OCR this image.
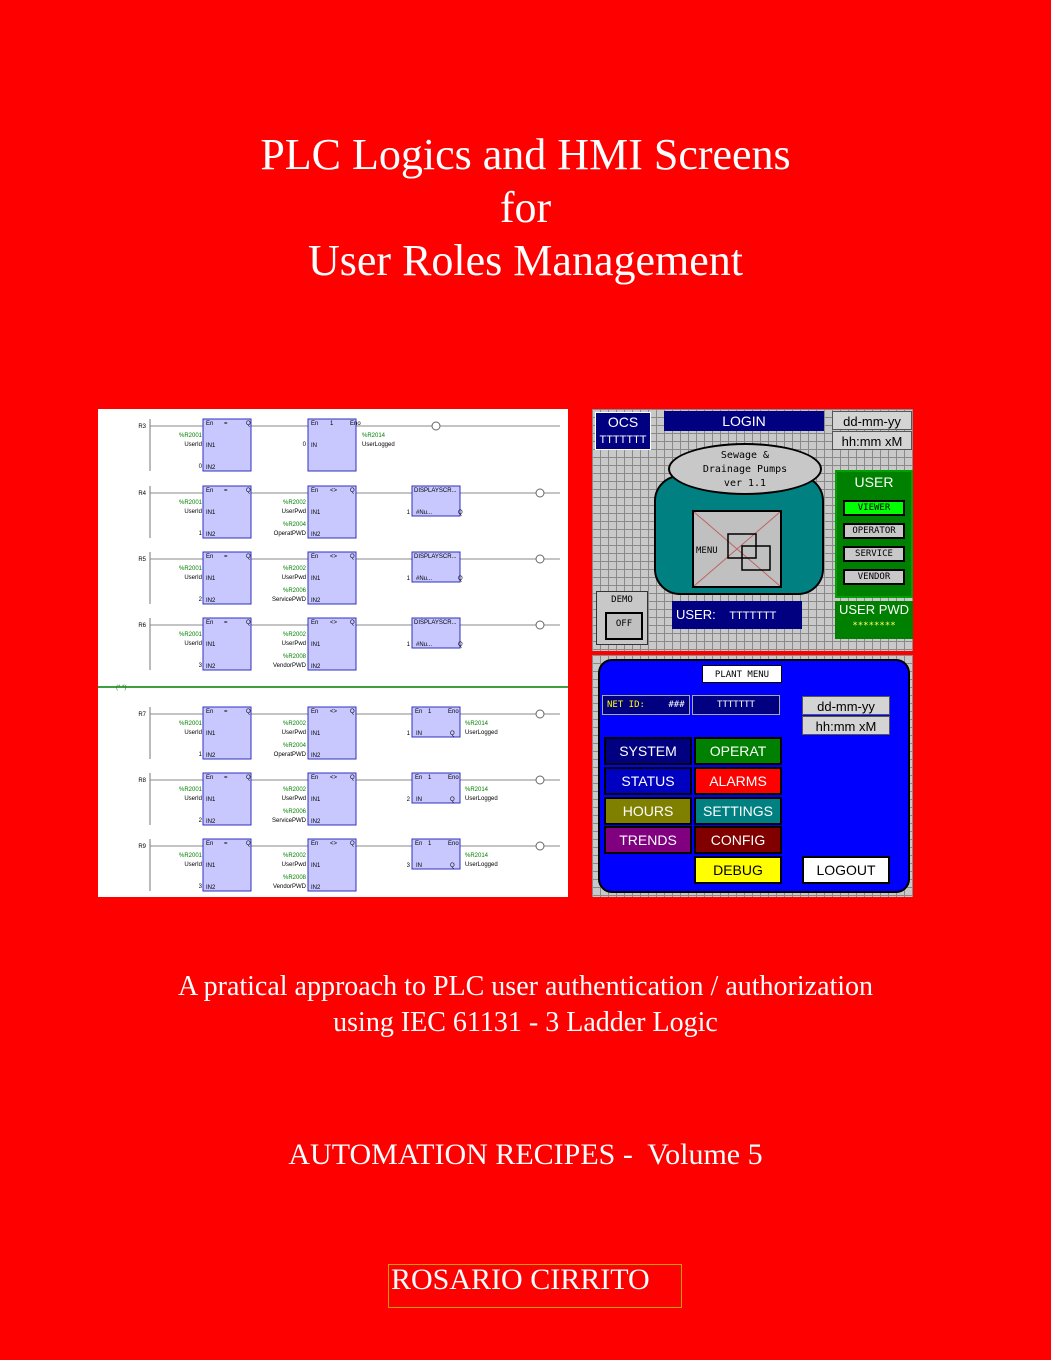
PLC Logics and HMI Screens
for
User Roles Management
R3	En =	Q
IN1
IN2
%R2001
UserId
0
En 1	Eno
IN
0
%R2014
UserLogged
R4	En =	Q
IN1
IN2
%R2001
UserId
1
En <> Q
IN1
IN2
%R2002
UserPwd
%R2004
OperatPWD
DISPLAYSCR...
#Nu...	Q
1
R5	En =	Q
IN1
IN2
%R2001
UserId
2
En <> Q
IN1
IN2
%R2002
UserPwd
%R2006
ServicePWD
DISPLAYSCR...
#Nu...	Q
1
R6	En =	Q
IN1
IN2
%R2001
UserId
3
En <> Q
IN1
IN2
%R2002
UserPwd
%R2008
VendorPWD
DISPLAYSCR...
#Nu...	Q
1
R7	En =	Q
IN1
IN2
%R2001
UserId
1
En <> Q
IN1
IN2
%R2002
UserPwd
%R2004
OperatPWD
En 1	Eno
IN	Q
%R2014
UserLogged
1
R8	En =	Q
IN1
IN2
%R2001
UserId
2
En <> Q
IN1
IN2
%R2002
UserPwd
%R2006
ServicePWD
En 1	Eno
IN	Q
%R2014
UserLogged
2
R9	En =	Q
IN1
IN2
%R2001
UserId
3
En <> Q
IN1
IN2
%R2002
UserPwd
%R2008
VendorPWD
En 1	Eno
IN	Q
%R2014
UserLogged
3
(* *)
OCS
TTTTTTT
LOGIN	dd-mm-yy
hh:mm xM
Sewage &
Drainage Pumps
ver 1.1
MENU
USER
VIEWER
OPERATOR
SERVICE
VENDOR
USER PWD
********
DEMO
OFF
USER: TTTTTTT
PLANT MENU
NET ID:	###	TTTTTTT	dd-mm-yy
hh:mm xM
SYSTEM	OPERAT
STATUS	ALARMS
HOURS	SETTINGS
TRENDS	CONFIG
DEBUG	LOGOUT
A pratical approach to PLC user authentication / authorization
using IEC 61131 - 3 Ladder Logic
AUTOMATION RECIPES -  Volume 5
ROSARIO CIRRITO
